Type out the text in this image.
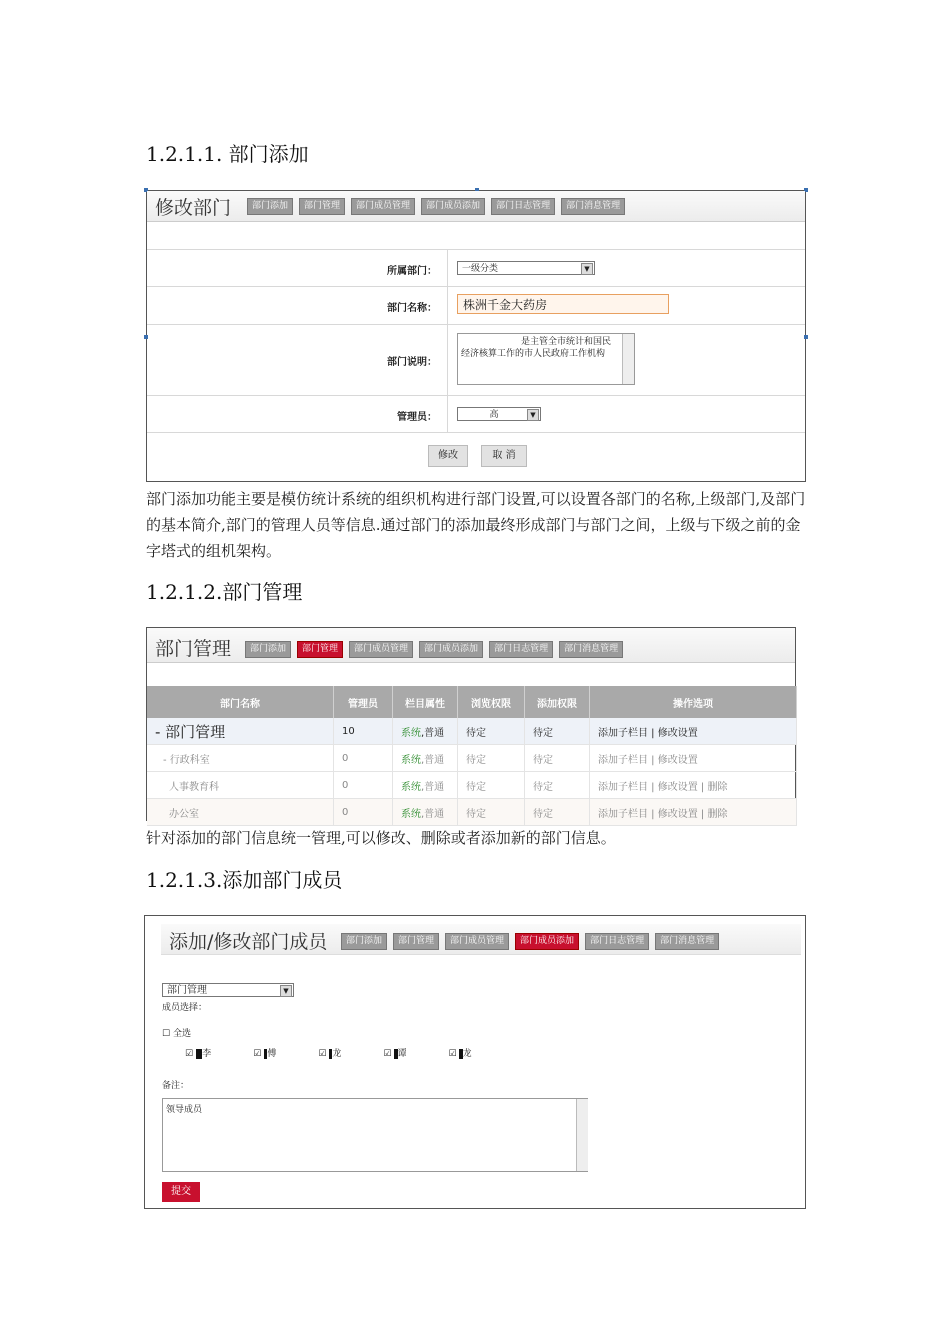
1.2.1.1. 部门添加
修改部门	部门添加	部门管理	部门成员管理	部门成员添加	部门日志管理	部门消息管理
所属部门：	一级分类	▼
部门名称：	株洲千金大药房
部门说明：
是主管全市统计和国民经济核算工作的市人民政府工作机构
管理员：	高	▼
修改	取 消
部门添加功能主要是模仿统计系统的组织机构进行部门设置,可以设置各部门的名称,上级部门,及部门的基本简介,部门的管理人员等信息.通过部门的添加最终形成部门与部门之间，上级与下级之前的金字塔式的组机架构。
1.2.1.2.部门管理
部门管理	部门添加	部门管理	部门成员管理	部门成员添加	部门日志管理	部门消息管理
部门名称	管理员	栏目属性	浏览权限	添加权限	操作选项
- 部门管理	10	系统,普通	待定	待定	添加子栏目 | 修改设置
- 行政科室	0	系统,普通	待定	待定	添加子栏目 | 修改设置
人事教育科	0	系统,普通	待定	待定	添加子栏目 | 修改设置 | 删除
办公室	0	系统,普通	待定	待定	添加子栏目 | 修改设置 | 删除
针对添加的部门信息统一管理,可以修改、删除或者添加新的部门信息。
1.2.1.3.添加部门成员
添加/修改部门成员	部门添加	部门管理	部门成员管理	部门成员添加	部门日志管理	部门消息管理
部门管理	▼
成员选择：
☐ 全选
☑   李	☑  傅	☑  龙	☑  谭	☑  龙
备注：
领导成员
提交
